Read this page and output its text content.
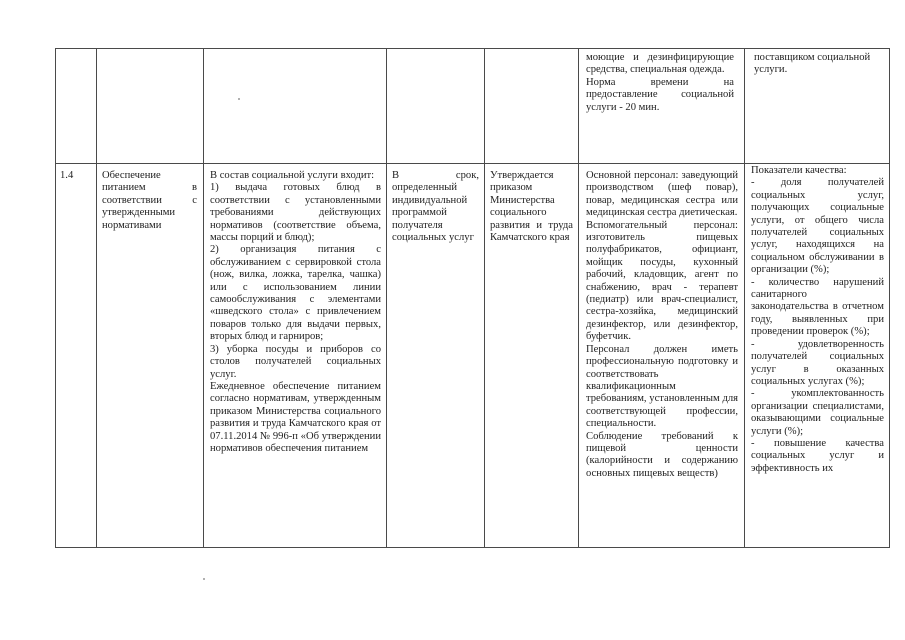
моющие и дезинфицирующие средства, специальная одежда.
Норма времени на предоставление социальной услуги - 20 мин.
поставщиком социальной услуги.
1.4	Обеспечение питанием в соответствии с утвержденными нормативами
В состав социальной услуги входит:
1) выдача готовых блюд в соответствии с установленными требованиями действующих нормативов (соответствие объема, массы порций и блюд);
2) организация питания с обслуживанием с сервировкой стола (нож, вилка, ложка, тарелка, чашка) или с использованием линии самообслуживания с элементами «шведского стола» с привлечением поваров только для выдачи первых, вторых блюд и гарниров;
3) уборка посуды и приборов со столов получателей социальных услуг.
Ежедневное обеспечение питанием согласно нормативам, утвержденным приказом Министерства социального развития и труда Камчатского края от 07.11.2014 № 996-п «Об утверждении нормативов обеспечения питанием
В срок, определенный индивидуальной программой получателя социальных услуг
Утверждается приказом Министерства социального развития и труда Камчатского края
Основной персонал: заведующий производством (шеф повар), повар, медицинская сестра или медицинская сестра диетическая.
Вспомогательный персонал: изготовитель пищевых полуфабрикатов, официант, мойщик посуды, кухонный рабочий, кладовщик, агент по снабжению, врач - терапевт (педиатр) или врач-специалист, сестра-хозяйка, медицинский дезинфектор, или дезинфектор, буфетчик.
Персонал должен иметь профессиональную подготовку и соответствовать квалификационным требованиям, установленным для соответствующей профессии, специальности.
Соблюдение требований к пищевой ценности (калорийности и содержанию основных пищевых веществ)
Показатели качества:
- доля получателей социальных услуг, получающих социальные услуги, от общего числа получателей социальных услуг, находящихся на социальном обслуживании в организации (%);
- количество нарушений санитарного законодательства в отчетном году, выявленных при проведении проверок (%);
- удовлетворенность получателей социальных услуг в оказанных социальных услугах (%);
- укомплектованность организации специалистами, оказывающими социальные услуги (%);
- повышение качества социальных услуг и эффективность их
